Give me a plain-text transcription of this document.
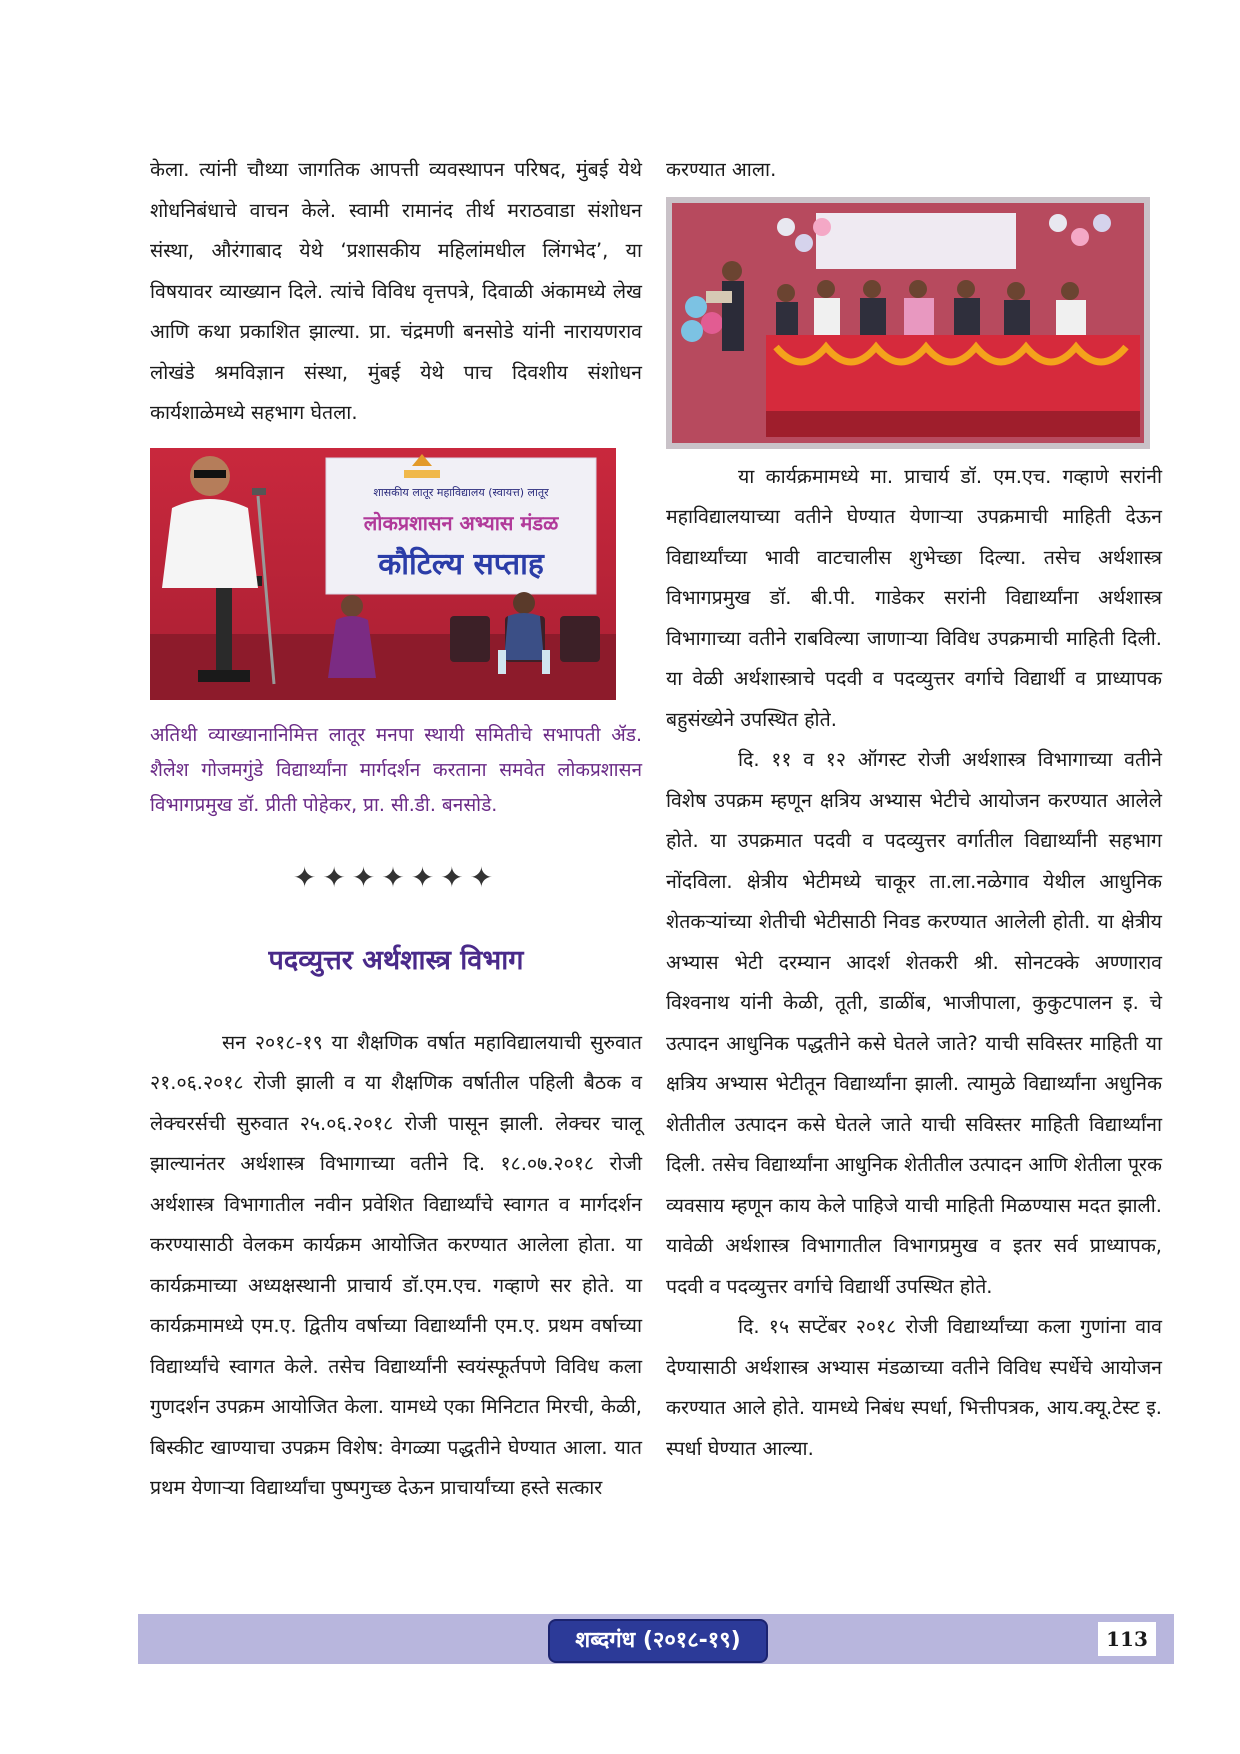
केला. त्यांनी चौथ्या जागतिक आपत्ती व्यवस्थापन परिषद, मुंबई येथे शोधनिबंधाचे वाचन केले. स्वामी रामानंद तीर्थ मराठवाडा संशोधन संस्था, औरंगाबाद येथे ‘प्रशासकीय महिलांमधील लिंगभेद’, या विषयावर व्याख्यान दिले. त्यांचे विविध वृत्तपत्रे, दिवाळी अंकामध्ये लेख आणि कथा प्रकाशित झाल्या. प्रा. चंद्रमणी बनसोडे यांनी नारायणराव लोखंडे श्रमविज्ञान संस्था, मुंबई येथे पाच दिवशीय संशोधन कार्यशाळेमध्ये सहभाग घेतला.

शासकीय लातूर महाविद्यालय (स्वायत्त) लातूर
लोकप्रशासन अभ्यास मंडळ
कौटिल्य सप्ताह

अतिथी व्याख्यानानिमित्त लातूर मनपा स्थायी समितीचे सभापती ॲड. शैलेश गोजमगुंडे विद्यार्थ्यांना मार्गदर्शन करताना समवेत लोकप्रशासन विभागप्रमुख डॉ. प्रीती पोहेकर, प्रा. सी.डी. बनसोडे.

✦✦✦✦✦✦✦
पदव्युत्तर अर्थशास्त्र विभाग

सन २०१८-१९ या शैक्षणिक वर्षात महाविद्यालयाची सुरुवात २१.०६.२०१८ रोजी झाली व या शैक्षणिक वर्षातील पहिली बैठक व लेक्चरर्सची सुरुवात २५.०६.२०१८ रोजी पासून झाली. लेक्चर चालू झाल्यानंतर अर्थशास्त्र विभागाच्या वतीने दि. १८.०७.२०१८ रोजी अर्थशास्त्र विभागातील नवीन प्रवेशित विद्यार्थ्यांचे स्वागत व मार्गदर्शन करण्यासाठी वेलकम कार्यक्रम आयोजित करण्यात आलेला होता. या कार्यक्रमाच्या अध्यक्षस्थानी प्राचार्य डॉ.एम.एच. गव्हाणे सर होते. या कार्यक्रमामध्ये एम.ए. द्वितीय वर्षाच्या विद्यार्थ्यांनी एम.ए. प्रथम वर्षाच्या विद्यार्थ्यांचे स्वागत केले. तसेच विद्यार्थ्यांनी स्वयंस्फूर्तपणे विविध कला गुणदर्शन उपक्रम आयोजित केला. यामध्ये एका मिनिटात मिरची, केळी, बिस्कीट खाण्याचा उपक्रम विशेष: वेगळ्या पद्धतीने घेण्यात आला. यात प्रथम येणाऱ्या विद्यार्थ्यांचा पुष्पगुच्छ देऊन प्राचार्यांच्या हस्ते सत्कार

करण्यात आला.

या कार्यक्रमामध्ये मा. प्राचार्य डॉ. एम.एच. गव्हाणे सरांनी महाविद्यालयाच्या वतीने घेण्यात येणाऱ्या उपक्रमाची माहिती देऊन विद्यार्थ्यांच्या भावी वाटचालीस शुभेच्छा दिल्या. तसेच अर्थशास्त्र विभागप्रमुख डॉ. बी.पी. गाडेकर सरांनी विद्यार्थ्यांना अर्थशास्त्र विभागाच्या वतीने राबविल्या जाणाऱ्या विविध उपक्रमाची माहिती दिली. या वेळी अर्थशास्त्राचे पदवी व पदव्युत्तर वर्गाचे विद्यार्थी व प्राध्यापक बहुसंख्येने उपस्थित होते.

दि. ११ व १२ ऑगस्ट रोजी अर्थशास्त्र विभागाच्या वतीने विशेष उपक्रम म्हणून क्षत्रिय अभ्यास भेटीचे आयोजन करण्यात आलेले होते. या उपक्रमात पदवी व पदव्युत्तर वर्गातील विद्यार्थ्यांनी सहभाग नोंदविला. क्षेत्रीय भेटीमध्ये चाकूर ता.ला.नळेगाव येथील आधुनिक शेतकऱ्यांच्या शेतीची भेटीसाठी निवड करण्यात आलेली होती. या क्षेत्रीय अभ्यास भेटी दरम्यान आदर्श शेतकरी श्री. सोनटक्के अण्णाराव विश्वनाथ यांनी केळी, तूती, डाळींब, भाजीपाला, कुकुटपालन इ. चे उत्पादन आधुनिक पद्धतीने कसे घेतले जाते? याची सविस्तर माहिती या क्षत्रिय अभ्यास भेटीतून विद्यार्थ्यांना झाली. त्यामुळे विद्यार्थ्यांना अधुनिक शेतीतील उत्पादन कसे घेतले जाते याची सविस्तर माहिती विद्यार्थ्यांना दिली. तसेच विद्यार्थ्यांना आधुनिक शेतीतील उत्पादन आणि शेतीला पूरक व्यवसाय म्हणून काय केले पाहिजे याची माहिती मिळण्यास मदत झाली. यावेळी अर्थशास्त्र विभागातील विभागप्रमुख व इतर सर्व प्राध्यापक, पदवी व पदव्युत्तर वर्गाचे विद्यार्थी उपस्थित होते.

दि. १५ सप्टेंबर २०१८ रोजी विद्यार्थ्यांच्या कला गुणांना वाव देण्यासाठी अर्थशास्त्र अभ्यास मंडळाच्या वतीने विविध स्पर्धेचे आयोजन करण्यात आले होते. यामध्ये निबंध स्पर्धा, भित्तीपत्रक, आय.क्यू.टेस्ट इ. स्पर्धा घेण्यात आल्या.

शब्दगंध (२०१८-१९)	113
